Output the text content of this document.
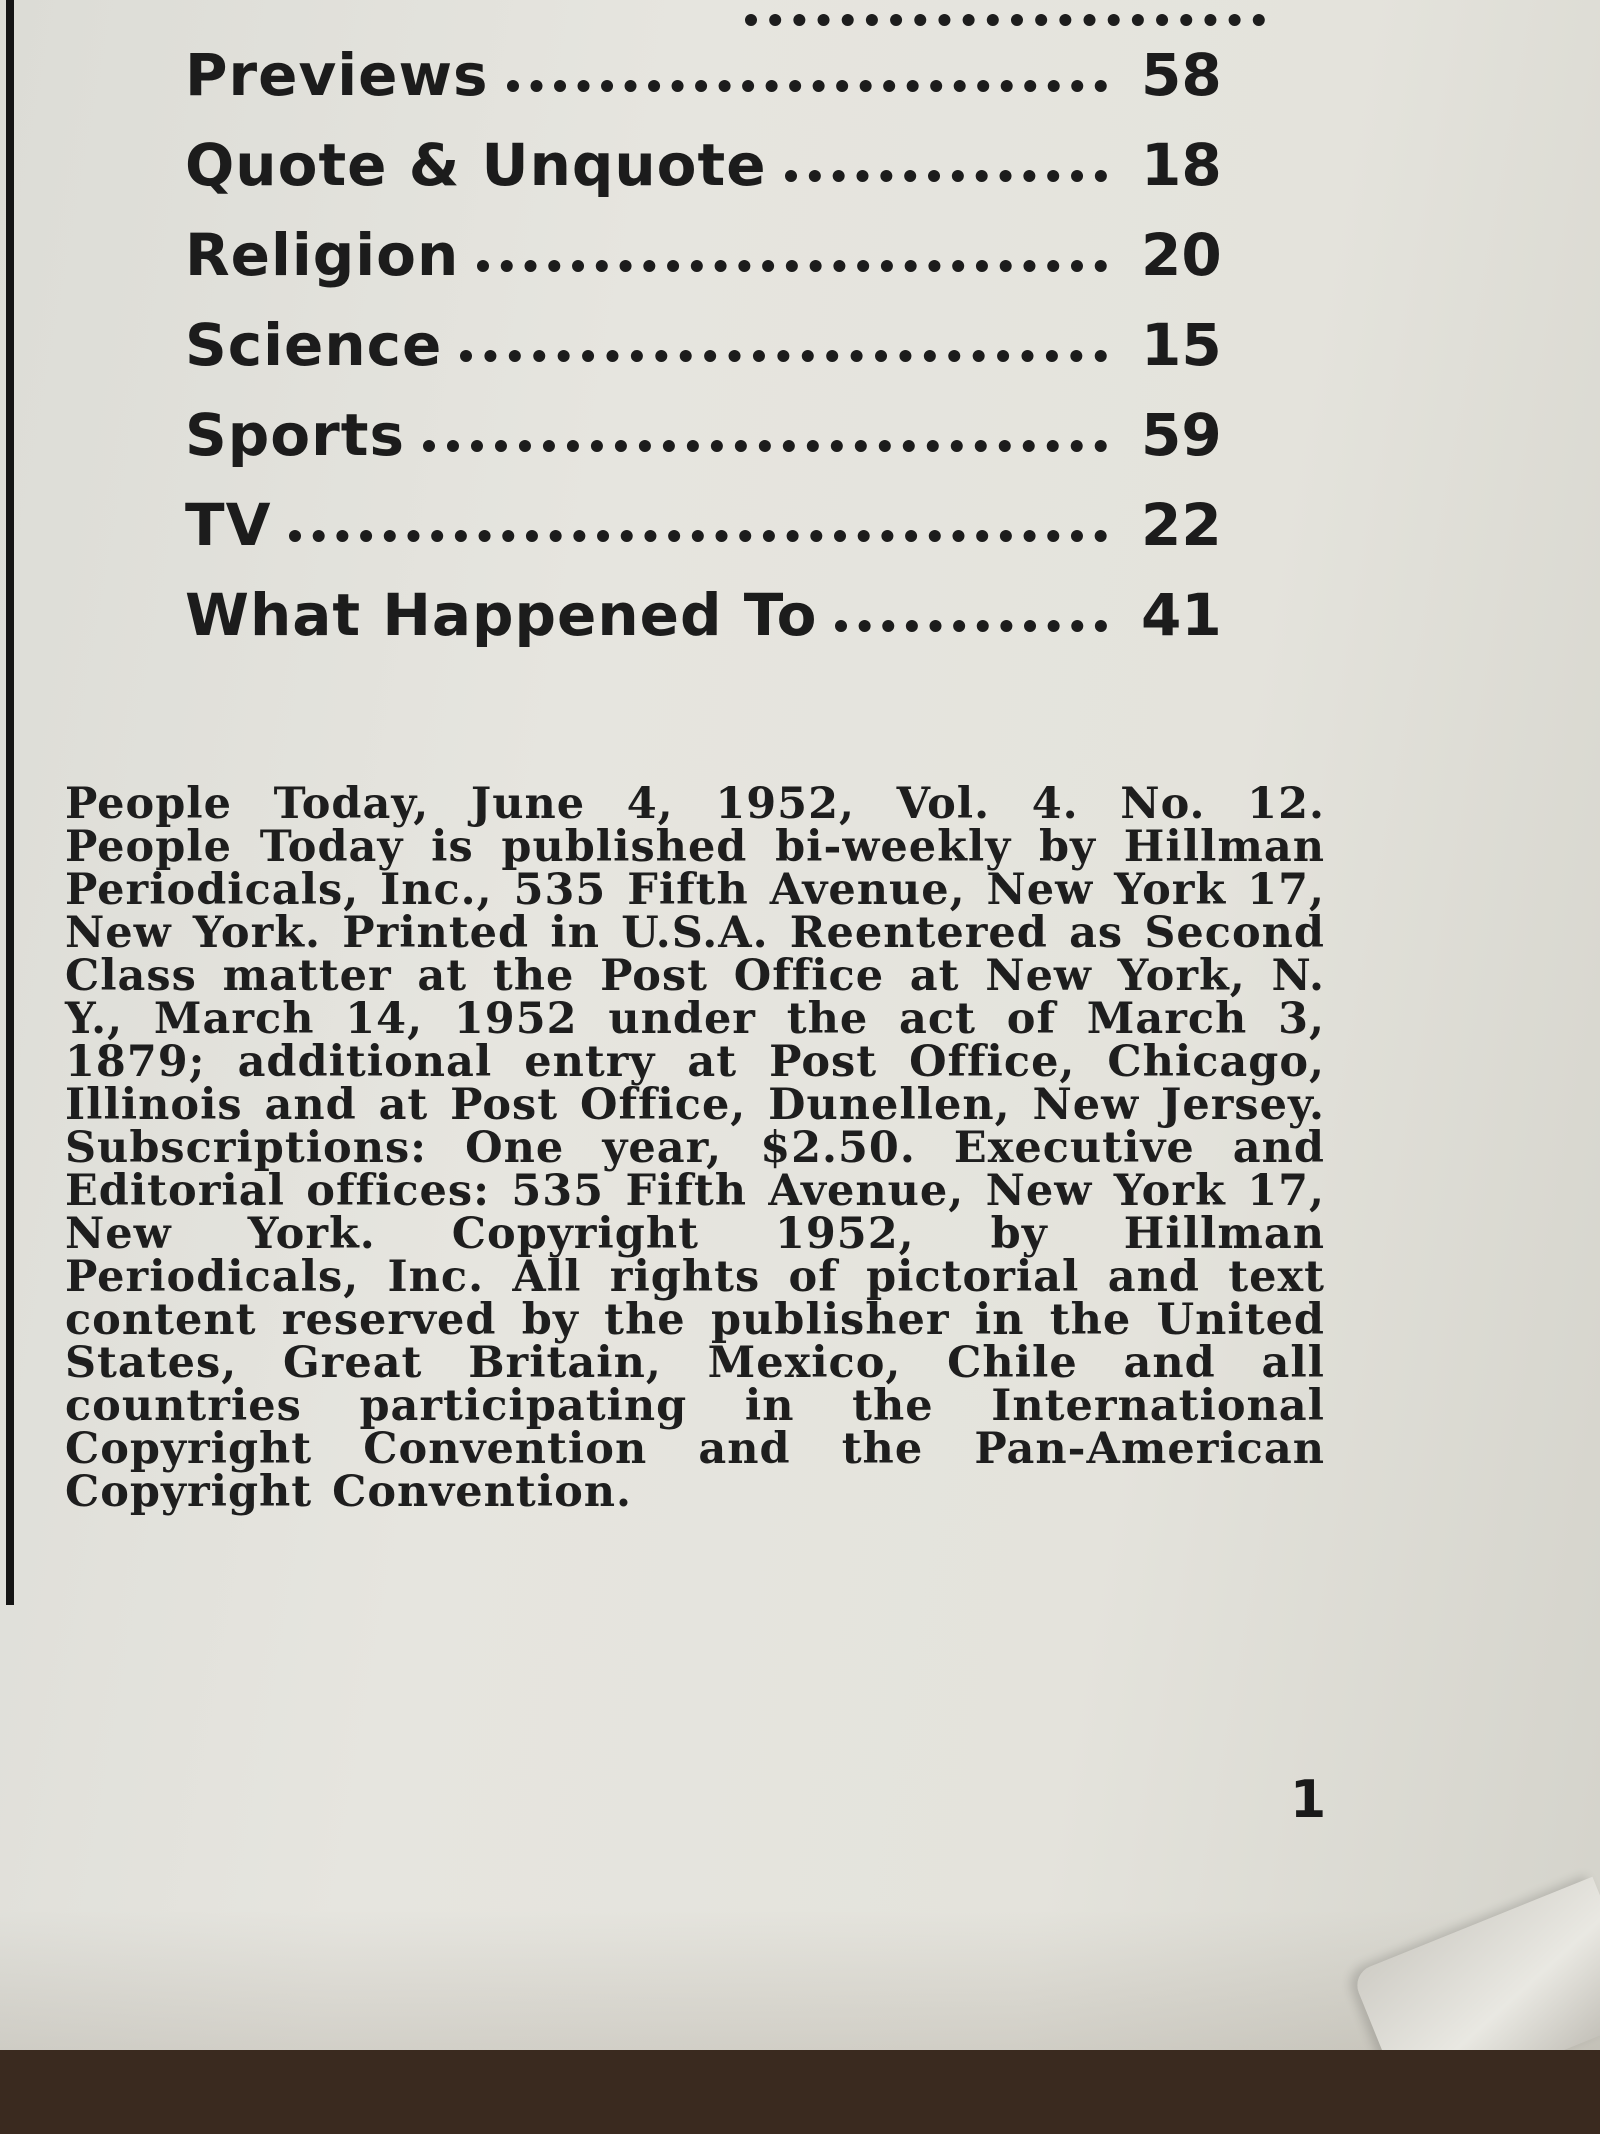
Previews	58
Quote & Unquote	18
Religion	20
Science	15
Sports	59
TV	22
What Happened To	41

People Today, June 4, 1952, Vol. 4. No. 12. People Today is published bi-weekly by Hillman Periodicals, Inc., 535 Fifth Avenue, New York 17, New York. Printed in U.S.A. Reentered as Second Class matter at the Post Office at New York, N. Y., March 14, 1952 under the act of March 3, 1879; additional entry at Post Office, Chicago, Illinois and at Post Office, Dunellen, New Jersey. Subscriptions: One year, $2.50. Executive and Editorial offices: 535 Fifth Avenue, New York 17, New York. Copyright 1952, by Hillman Periodicals, Inc. All rights of pictorial and text content reserved by the publisher in the United States, Great Britain, Mexico, Chile and all countries participating in the International Copyright Convention and the Pan-American Copyright Convention.

1
